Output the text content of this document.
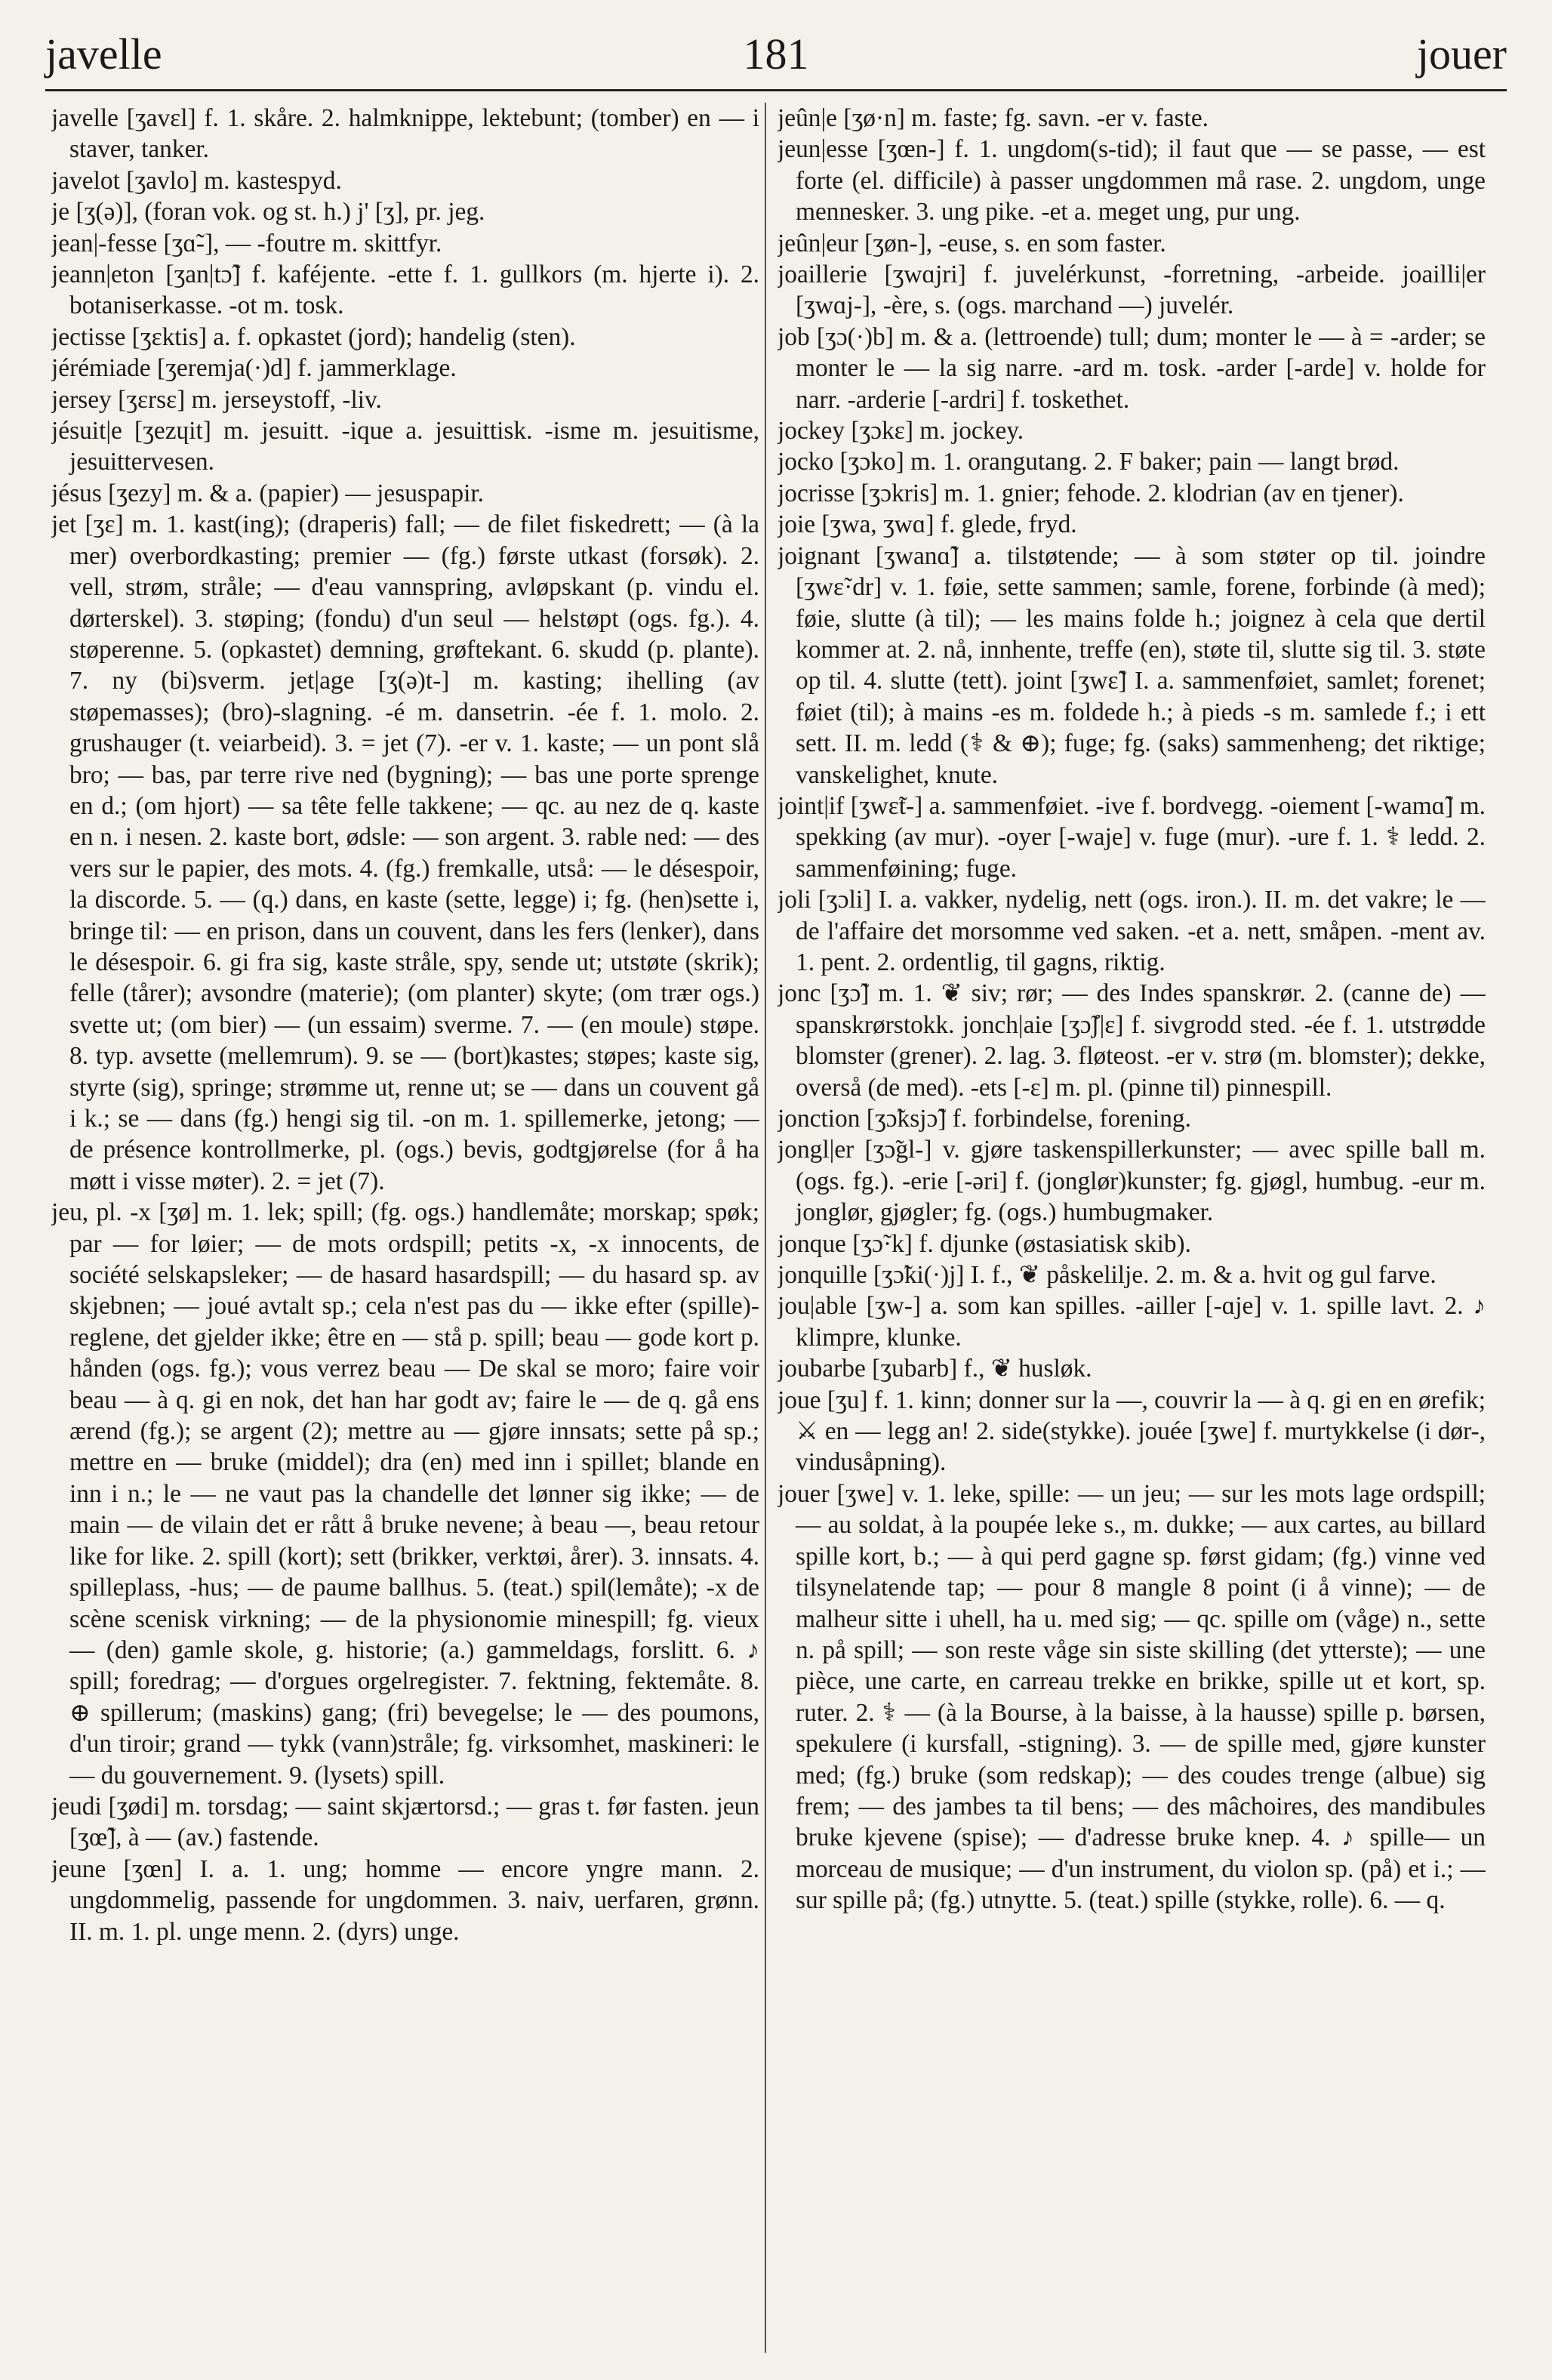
javelle	181	jouer

javelle [ʒavɛl] f. 1. skåre. 2. halmknippe, lektebunt; (tomber) en — i staver, tanker.

javelot [ʒavlo] m. kastespyd.

je [ʒ(ə)], (foran vok. og st. h.) j' [ʒ], pr. jeg.

jean|-fesse [ʒɑ̃-], — -foutre m. skittfyr.

jeann|eton [ʒan|tɔ̃] f. kaféjente. -ette f. 1. gullkors (m. hjerte i). 2. botaniserkasse. -ot m. tosk.

jectisse [ʒɛktis] a. f. opkastet (jord); handelig (sten).

jérémiade [ʒeremja(·)d] f. jammerklage.

jersey [ʒɛrsɛ] m. jerseystoff, -liv.

jésuit|e [ʒezɥit] m. jesuitt. -ique a. jesuittisk. -isme m. jesuitisme, jesuittervesen.

jésus [ʒezy] m. & a. (papier) — jesuspapir.

jet [ʒɛ] m. 1. kast(ing); (draperis) fall; — de filet fiskedrett; — (à la mer) overbordkasting; premier — (fg.) første utkast (forsøk). 2. vell, strøm, stråle; — d'eau vannspring, avløpskant (p. vindu el. dørterskel). 3. støping; (fondu) d'un seul — helstøpt (ogs. fg.). 4. støperenne. 5. (opkastet) demning, grøftekant. 6. skudd (p. plante). 7. ny (bi)sverm. jet|age [ʒ(ə)t-] m. kasting; ihelling (av støpemasses); (bro)-slagning. -é m. dansetrin. -ée f. 1. molo. 2. grushauger (t. veiarbeid). 3. = jet (7). -er v. 1. kaste; — un pont slå bro; — bas, par terre rive ned (bygning); — bas une porte sprenge en d.; (om hjort) — sa tête felle takkene; — qc. au nez de q. kaste en n. i nesen. 2. kaste bort, ødsle: — son argent. 3. rable ned: — des vers sur le papier, des mots. 4. (fg.) fremkalle, utså: — le désespoir, la discorde. 5. — (q.) dans, en kaste (sette, legge) i; fg. (hen)sette i, bringe til: — en prison, dans un couvent, dans les fers (lenker), dans le désespoir. 6. gi fra sig, kaste stråle, spy, sende ut; utstøte (skrik); felle (tårer); avsondre (materie); (om planter) skyte; (om trær ogs.) svette ut; (om bier) — (un essaim) sverme. 7. — (en moule) støpe. 8. typ. avsette (mellemrum). 9. se — (bort)kastes; støpes; kaste sig, styrte (sig), springe; strømme ut, renne ut; se — dans un couvent gå i k.; se — dans (fg.) hengi sig til. -on m. 1. spillemerke, jetong; — de présence kontrollmerke, pl. (ogs.) bevis, godtgjørelse (for å ha møtt i visse møter). 2. = jet (7).

jeu, pl. -x [ʒø] m. 1. lek; spill; (fg. ogs.) handlemåte; morskap; spøk; par — for løier; — de mots ordspill; petits -x, -x innocents, de société selskapsleker; — de hasard hasardspill; — du hasard sp. av skjebnen; — joué avtalt sp.; cela n'est pas du — ikke efter (spille)-reglene, det gjelder ikke; être en — stå p. spill; beau — gode kort p. hånden (ogs. fg.); vous verrez beau — De skal se moro; faire voir beau — à q. gi en nok, det han har godt av; faire le — de q. gå ens ærend (fg.); se argent (2); mettre au — gjøre innsats; sette på sp.; mettre en — bruke (middel); dra (en) med inn i spillet; blande en inn i n.; le — ne vaut pas la chandelle det lønner sig ikke; — de main — de vilain det er rått å bruke nevene; à beau —, beau retour like for like. 2. spill (kort); sett (brikker, verktøi, årer). 3. innsats. 4. spilleplass, -hus; — de paume ballhus. 5. (teat.) spil(lemåte); -x de scène scenisk virkning; — de la physionomie minespill; fg. vieux — (den) gamle skole, g. historie; (a.) gammeldags, forslitt. 6. ♪ spill; foredrag; — d'orgues orgelregister. 7. fektning, fektemåte. 8. ⊕ spillerum; (maskins) gang; (fri) bevegelse; le — des poumons, d'un tiroir; grand — tykk (vann)stråle; fg. virksomhet, maskineri: le — du gouvernement. 9. (lysets) spill.

jeudi [ʒødi] m. torsdag; — saint skjærtorsd.; — gras t. før fasten. jeun [ʒœ̃], à — (av.) fastende.

jeune [ʒœn] I. a. 1. ung; homme — encore yngre mann. 2. ungdommelig, passende for ungdommen. 3. naiv, uerfaren, grønn. II. m. 1. pl. unge menn. 2. (dyrs) unge.

jeûn|e [ʒø·n] m. faste; fg. savn. -er v. faste.

jeun|esse [ʒœn-] f. 1. ungdom(s-tid); il faut que — se passe, — est forte (el. difficile) à passer ungdommen må rase. 2. ungdom, unge mennesker. 3. ung pike. -et a. meget ung, pur ung.

jeûn|eur [ʒøn-], -euse, s. en som faster.

joaillerie [ʒwɑjri] f. juvelérkunst, -forretning, -arbeide. joailli|er [ʒwɑj-], -ère, s. (ogs. marchand —) juvelér.

job [ʒɔ(·)b] m. & a. (lettroende) tull; dum; monter le — à = -arder; se monter le — la sig narre. -ard m. tosk. -arder [-arde] v. holde for narr. -arderie [-ardri] f. toskethet.

jockey [ʒɔkɛ] m. jockey.

jocko [ʒɔko] m. 1. orangutang. 2. F baker; pain — langt brød.

jocrisse [ʒɔkris] m. 1. gnier; fehode. 2. klodrian (av en tjener).

joie [ʒwa, ʒwɑ] f. glede, fryd.

joignant [ʒwanɑ̃] a. tilstøtende; — à som støter op til. joindre [ʒwɛ̃·dr] v. 1. føie, sette sammen; samle, forene, forbinde (à med); føie, slutte (à til); — les mains folde h.; joignez à cela que dertil kommer at. 2. nå, innhente, treffe (en), støte til, slutte sig til. 3. støte op til. 4. slutte (tett). joint [ʒwɛ̃] I. a. sammenføiet, samlet; forenet; føiet (til); à mains -es m. foldede h.; à pieds -s m. samlede f.; i ett sett. II. m. ledd (⚕ & ⊕); fuge; fg. (saks) sammenheng; det riktige; vanskelighet, knute.

joint|if [ʒwɛ̃t-] a. sammenføiet. -ive f. bordvegg. -oiement [-wamɑ̃] m. spekking (av mur). -oyer [-waje] v. fuge (mur). -ure f. 1. ⚕ ledd. 2. sammenføining; fuge.

joli [ʒɔli] I. a. vakker, nydelig, nett (ogs. iron.). II. m. det vakre; le — de l'affaire det morsomme ved saken. -et a. nett, småpen. -ment av. 1. pent. 2. ordentlig, til gagns, riktig.

jonc [ʒɔ̃] m. 1. ❦ siv; rør; — des Indes spanskrør. 2. (canne de) — spanskrørstokk. jonch|aie [ʒɔ̃ʃ|ɛ] f. sivgrodd sted. -ée f. 1. utstrødde blomster (grener). 2. lag. 3. fløteost. -er v. strø (m. blomster); dekke, overså (de med). -ets [-ɛ] m. pl. (pinne til) pinnespill.

jonction [ʒɔ̃ksjɔ̃] f. forbindelse, forening.

jongl|er [ʒɔ̃gl-] v. gjøre taskenspillerkunster; — avec spille ball m. (ogs. fg.). -erie [-əri] f. (jonglør)kunster; fg. gjøgl, humbug. -eur m. jonglør, gjøgler; fg. (ogs.) humbugmaker.

jonque [ʒɔ̃·k] f. djunke (østasiatisk skib).

jonquille [ʒɔ̃ki(·)j] I. f., ❦ påskelilje. 2. m. & a. hvit og gul farve.

jou|able [ʒw-] a. som kan spilles. -ailler [-ɑje] v. 1. spille lavt. 2. ♪ klimpre, klunke.

joubarbe [ʒubarb] f., ❦ husløk.

joue [ʒu] f. 1. kinn; donner sur la —, couvrir la — à q. gi en en ørefik; ⚔ en — legg an! 2. side(stykke). jouée [ʒwe] f. murtykkelse (i dør-, vindusåpning).

jouer [ʒwe] v. 1. leke, spille: — un jeu; — sur les mots lage ordspill; — au soldat, à la poupée leke s., m. dukke; — aux cartes, au billard spille kort, b.; — à qui perd gagne sp. først gidam; (fg.) vinne ved tilsynelatende tap; — pour 8 mangle 8 point (i å vinne); — de malheur sitte i uhell, ha u. med sig; — qc. spille om (våge) n., sette n. på spill; — son reste våge sin siste skilling (det ytterste); — une pièce, une carte, en carreau trekke en brikke, spille ut et kort, sp. ruter. 2. ⚕ — (à la Bourse, à la baisse, à la hausse) spille p. børsen, spekulere (i kursfall, -stigning). 3. — de spille med, gjøre kunster med; (fg.) bruke (som redskap); — des coudes trenge (albue) sig frem; — des jambes ta til bens; — des mâchoires, des mandibules bruke kjevene (spise); — d'adresse bruke knep. 4. ♪ spille— un morceau de musique; — d'un instrument, du violon sp. (på) et i.; — sur spille på; (fg.) utnytte. 5. (teat.) spille (stykke, rolle). 6. — q.
